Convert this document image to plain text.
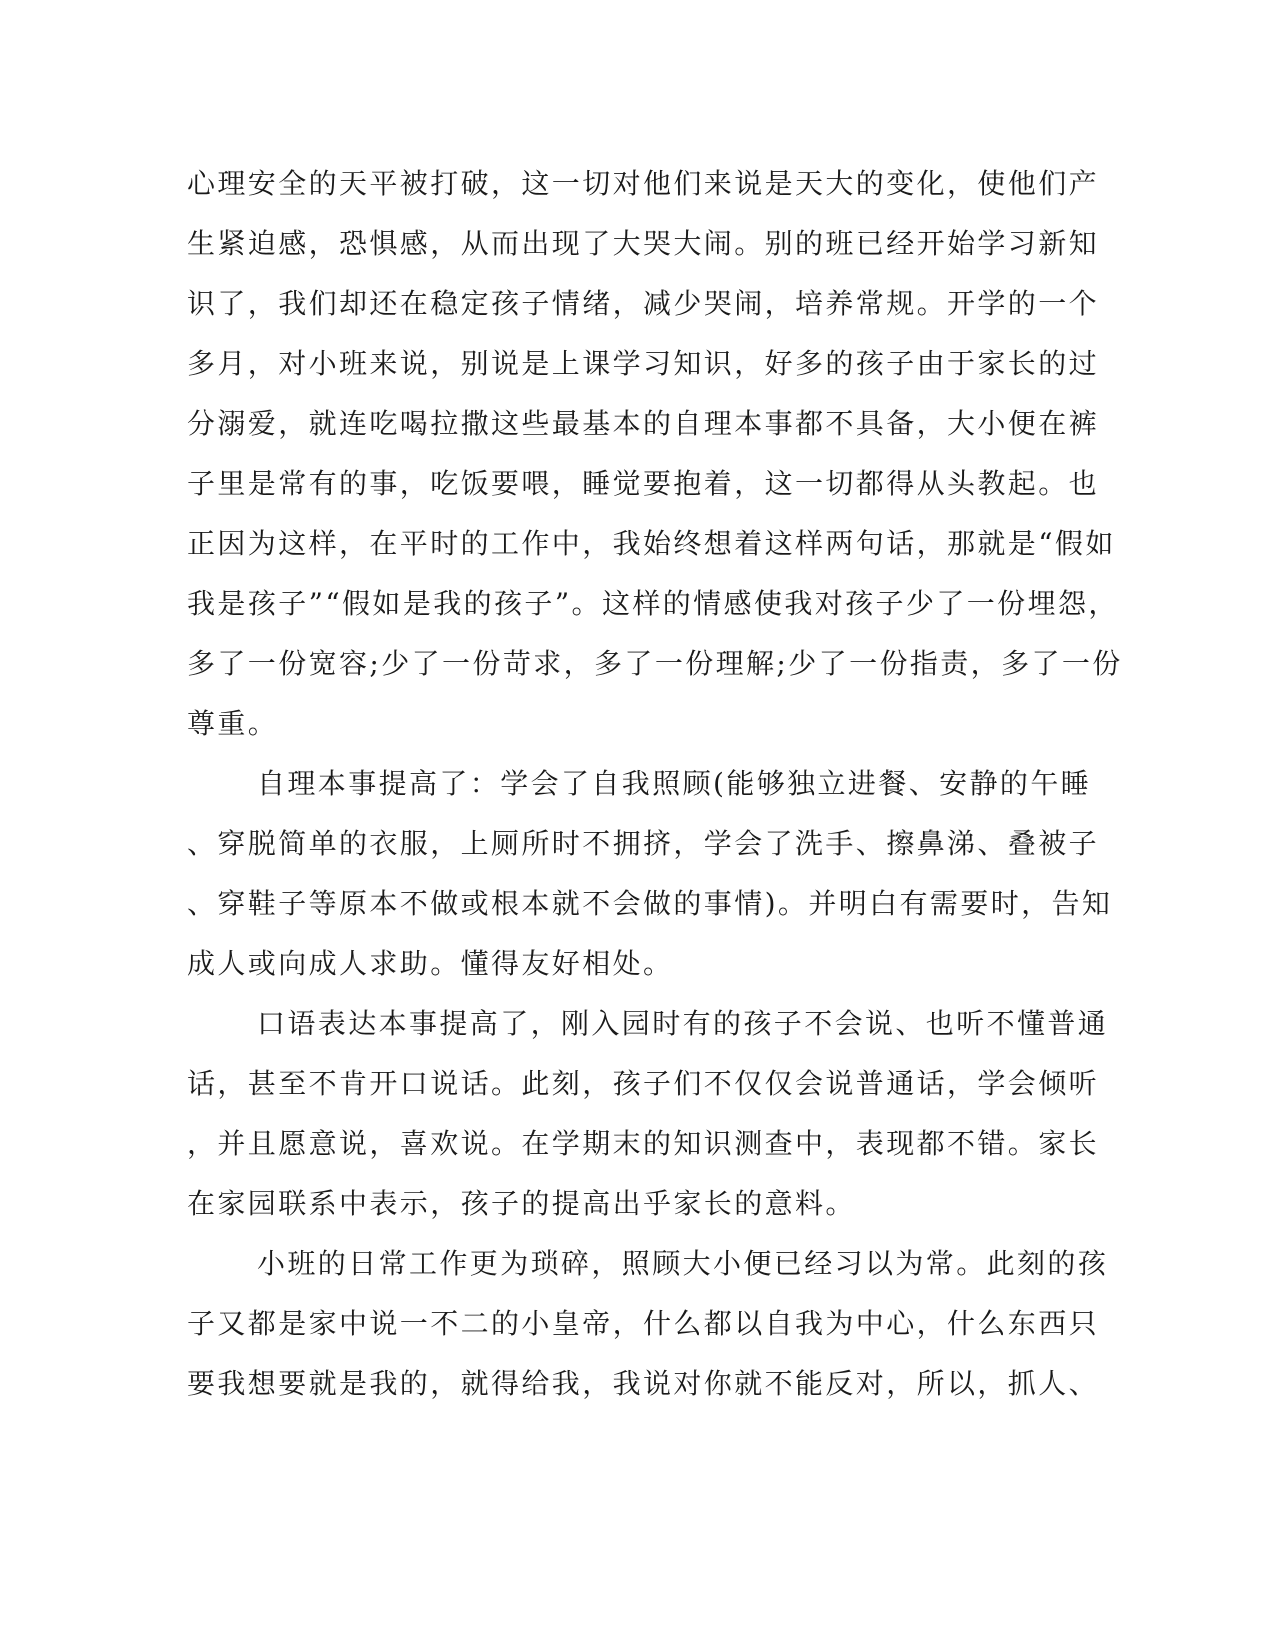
心理安全的天平被打破，这一切对他们来说是天大的变化，使他们产
生紧迫感，恐惧感，从而出现了大哭大闹。别的班已经开始学习新知
识了，我们却还在稳定孩子情绪，减少哭闹，培养常规。开学的一个
多月，对小班来说，别说是上课学习知识，好多的孩子由于家长的过
分溺爱，就连吃喝拉撒这些最基本的自理本事都不具备，大小便在裤
子里是常有的事，吃饭要喂，睡觉要抱着，这一切都得从头教起。也
正因为这样，在平时的工作中，我始终想着这样两句话，那就是“假如
我是孩子”“假如是我的孩子”。这样的情感使我对孩子少了一份埋怨，
多了一份宽容;少了一份苛求，多了一份理解;少了一份指责，多了一份
尊重。
自理本事提高了：学会了自我照顾(能够独立进餐、安静的午睡
、穿脱简单的衣服，上厕所时不拥挤，学会了洗手、擦鼻涕、叠被子
、穿鞋子等原本不做或根本就不会做的事情)。并明白有需要时，告知
成人或向成人求助。懂得友好相处。
口语表达本事提高了，刚入园时有的孩子不会说、也听不懂普通
话，甚至不肯开口说话。此刻，孩子们不仅仅会说普通话，学会倾听
，并且愿意说，喜欢说。在学期末的知识测查中，表现都不错。家长
在家园联系中表示，孩子的提高出乎家长的意料。
小班的日常工作更为琐碎，照顾大小便已经习以为常。此刻的孩
子又都是家中说一不二的小皇帝，什么都以自我为中心，什么东西只
要我想要就是我的，就得给我，我说对你就不能反对，所以，抓人、
